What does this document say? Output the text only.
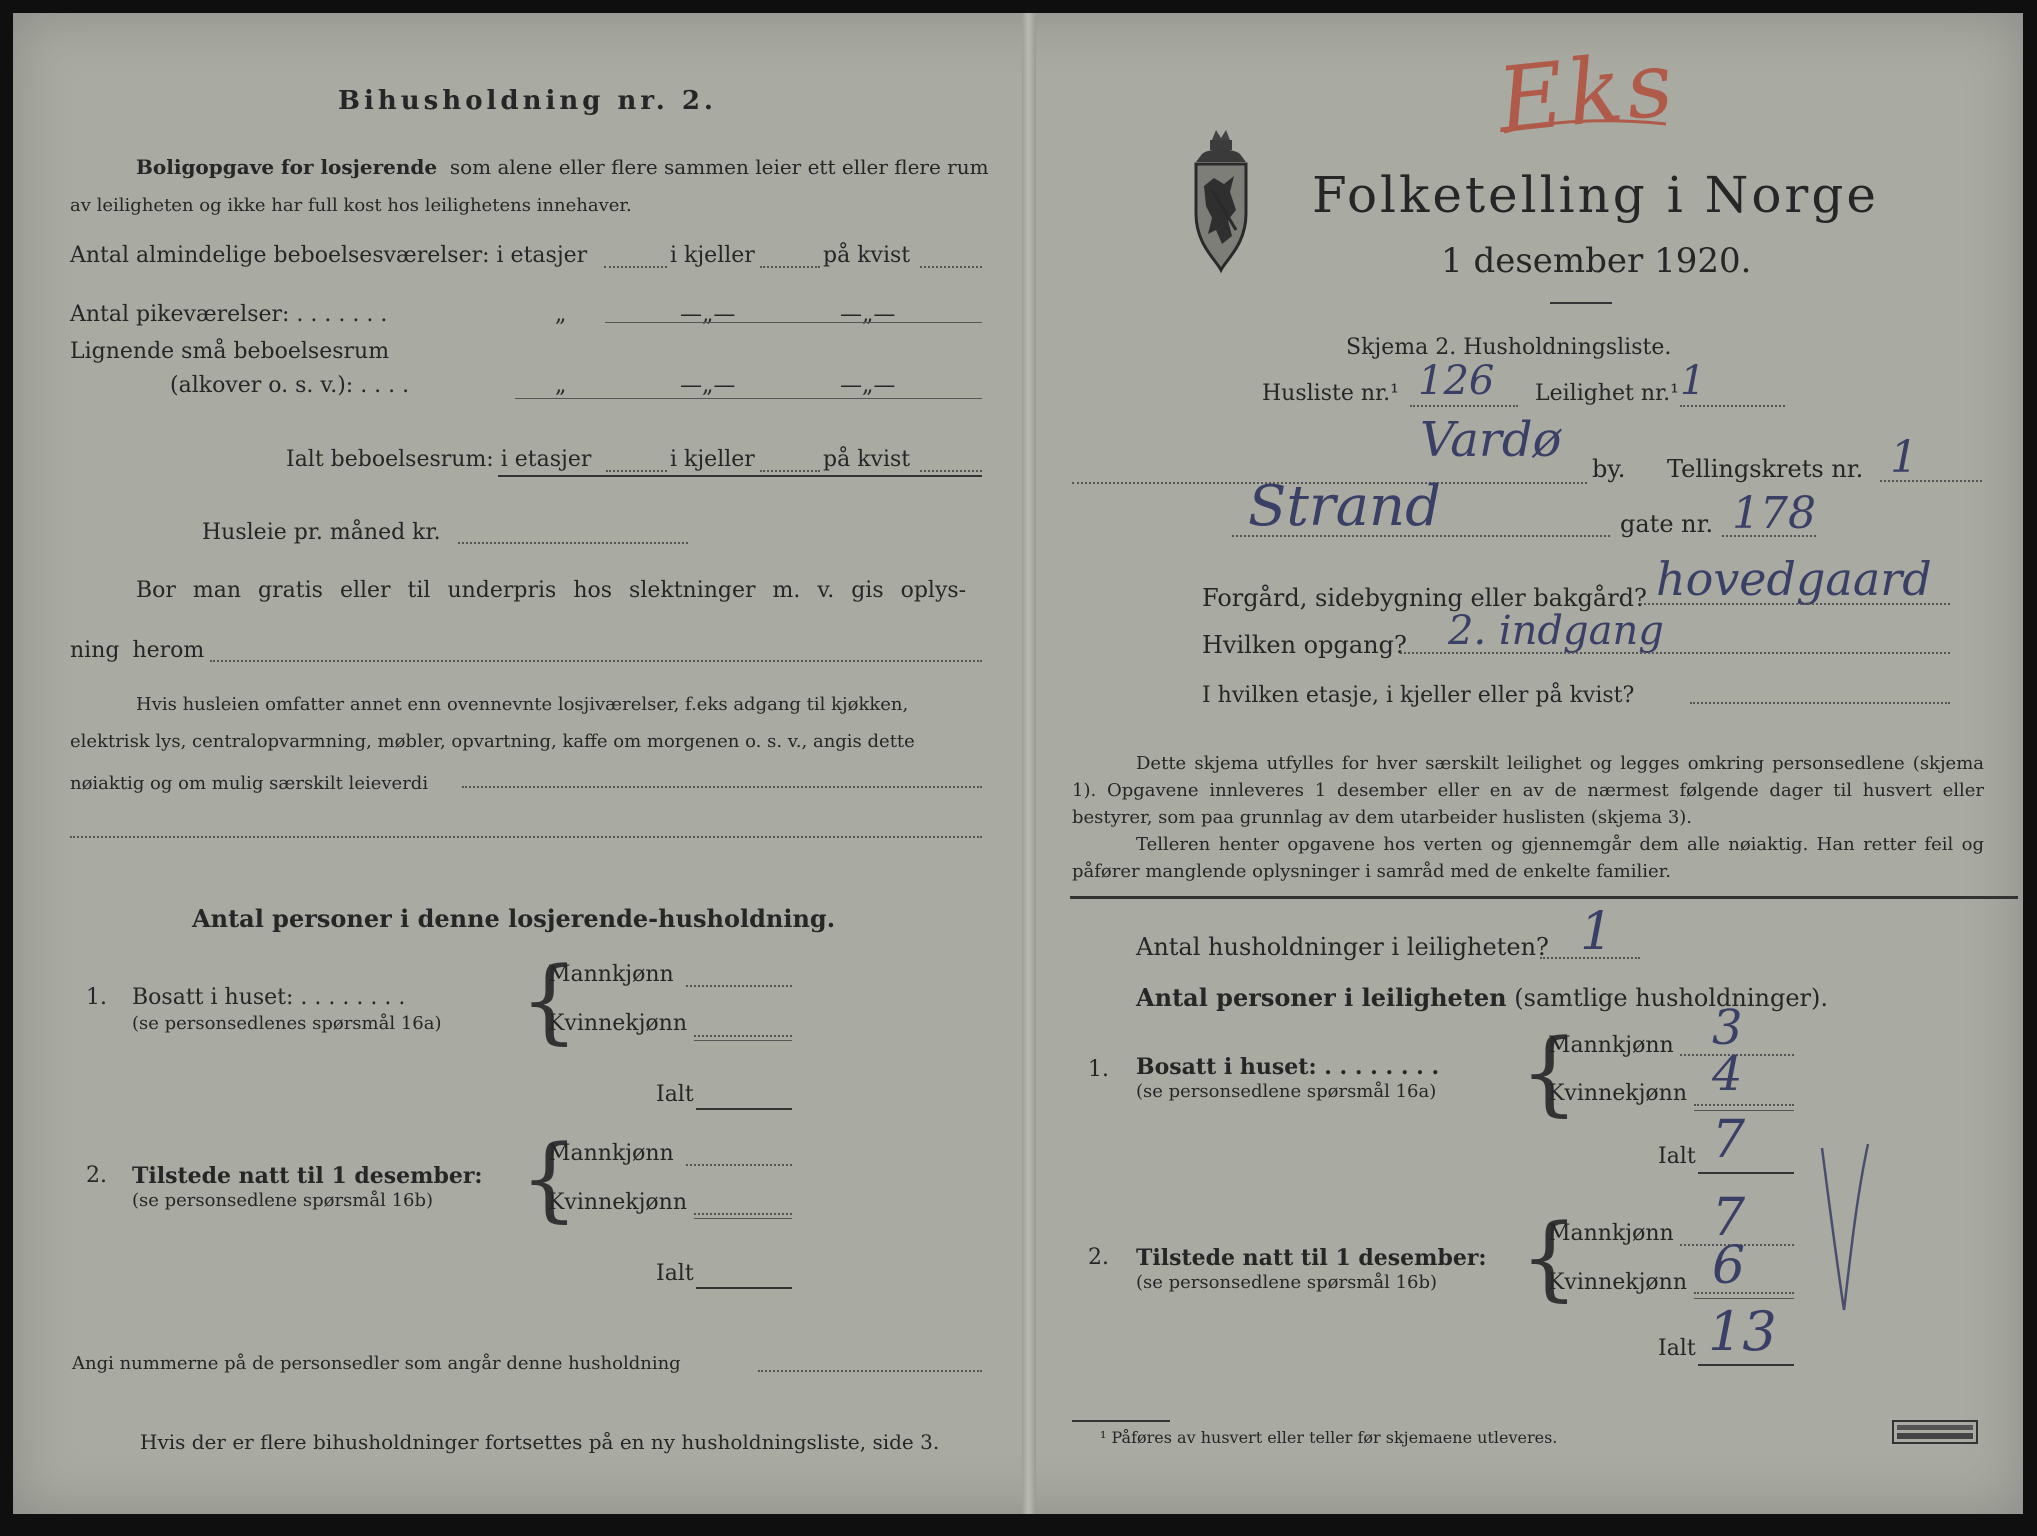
Bihusholdning nr. 2.
Boligopgave for losjerende som alene eller flere sammen leier ett eller flere rum
av leiligheten og ikke har full kost hos leilighetens innehaver.
Antal almindelige beboelsesværelser: i etasjer	i kjeller	på kvist
Antal pikeværelser: . . . . . . .	„	—„—	—„—
Lignende små beboelsesrum
(alkover o. s. v.): . . . .	„	—„—	—„—
Ialt beboelsesrum: i etasjer	i kjeller	på kvist
Husleie pr. måned kr.
Bor man gratis eller til underpris hos slektninger m. v. gis oplys-
ning herom
Hvis husleien omfatter annet enn ovennevnte losjiværelser, f.eks adgang til kjøkken,
elektrisk lys, centralopvarmning, møbler, opvartning, kaffe om morgenen o. s. v., angis dette
nøiaktig og om mulig særskilt leieverdi
Antal personer i denne losjerende-husholdning.
1. Bosatt i huset: . . . . . . . .
(se personsedlenes spørsmål 16a) {
Mannkjønn
Kvinnekjønn
Ialt
2. Tilstede natt til 1 desember:
(se personsedlene spørsmål 16b) {
Mannkjønn
Kvinnekjønn
Ialt
Angi nummerne på de personsedler som angår denne husholdning
Hvis der er flere bihusholdninger fortsettes på en ny husholdningsliste, side 3.
Eks
Folketelling i Norge
1 desember 1920.
Skjema 2. Husholdningsliste.
Husliste nr.¹ 126 Leilighet nr.¹ 1
Vardø
by. Tellingskrets nr. 1
Strand	gate nr. 178
Forgård, sidebygning eller bakgård? hovedgaard
Hvilken opgang? 2. indgang
I hvilken etasje, i kjeller eller på kvist?
Dette skjema utfylles for hver særskilt leilighet og legges omkring personsedlene (skjema 1). Opgavene innleveres 1 desember eller en av de nærmest følgende dager til husvert eller bestyrer, som paa grunnlag av dem utarbeider huslisten (skjema 3).
Telleren henter opgavene hos verten og gjennemgår dem alle nøiaktig. Han retter feil og påfører manglende oplysninger i samråd med de enkelte familier.
Antal husholdninger i leiligheten? 1
Antal personer i leiligheten (samtlige husholdninger).
1. Bosatt i huset: . . . . . . . .
(se personsedlene spørsmål 16a) {
Mannkjønn 3
Kvinnekjønn 4
Ialt 7
2. Tilstede natt til 1 desember:
(se personsedlene spørsmål 16b) {
Mannkjønn 7
Kvinnekjønn 6
Ialt 13
¹ Påføres av husvert eller teller før skjemaene utleveres.
